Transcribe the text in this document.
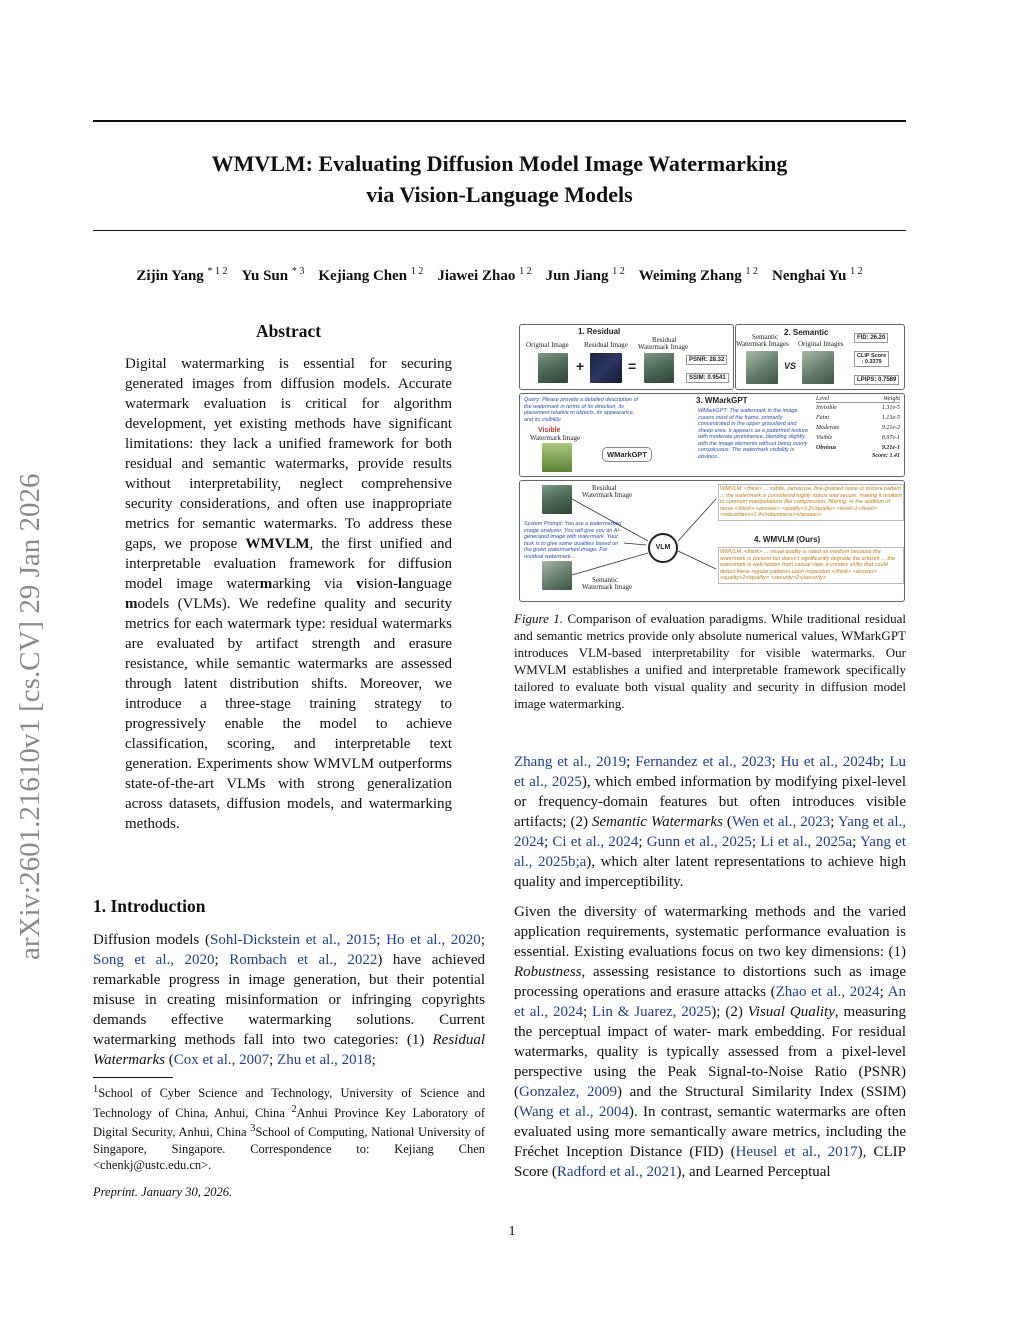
WMVLM: Evaluating Diffusion Model Image Watermarking
via Vision-Language Models
Zijin Yang $^{* 1 2}$ Yu Sun $^{* 3}$ Kejiang Chen $^{1 2}$ Jiawei Zhao $^{1 2}$ Jun Jiang $^{1 2}$ Weiming Zhang $^{1 2}$ Nenghai Yu $^{1 2}$
arXiv:2601.21610v1 [cs.CV] 29 Jan 2026
Abstract
Digital watermarking is essential for securing generated images from diffusion models. Accurate watermark evaluation is critical for algorithm development, yet existing methods have significant limitations: they lack a unified framework for both residual and semantic watermarks, provide results without interpretability, neglect comprehensive security considerations, and often use inappropriate metrics for semantic watermarks. To address these gaps, we propose WMVLM, the first unified and interpretable evaluation framework for diffusion model image watermarking via vision-language models (VLMs). We redefine quality and security metrics for each watermark type: residual watermarks are evaluated by artifact strength and erasure resistance, while semantic watermarks are assessed through latent distribution shifts. Moreover, we introduce a three-stage training strategy to progressively enable the model to achieve classification, scoring, and interpretable text generation. Experiments show WMVLM outperforms state-of-the-art VLMs with strong generalization across datasets, diffusion models, and watermarking methods.
1. Introduction
Diffusion models (Sohl-Dickstein et al., 2015; Ho et al., 2020; Song et al., 2020; Rombach et al., 2022) have achieved remarkable progress in image generation, but their potential misuse in creating misinformation or infringing copyrights demands effective watermarking solutions. Current watermarking methods fall into two categories: (1) Residual Watermarks (Cox et al., 2007; Zhu et al., 2018;
$^1$School of Cyber Science and Technology, University of Science and Technology of China, Anhui, China $^2$Anhui Province Key Laboratory of Digital Security, Anhui, China $^3$School of Computing, National University of Singapore, Singapore. Correspondence to: Kejiang Chen <chenkj@ustc.edu.cn>.
Preprint. January 30, 2026.
1
1. Residual
Original Image Residual Image
Residual
Watermark Image
+	=	PSNR: 28.32
SSIM: 0.9541
Semantic
Watermark Images
2. Semantic
Original Images
VS
FID: 26.20
CLIP Score
: 0.3379
LPIPS: 0.7589
Query: Please provide a detailed description of the watermark in terms of its direction, its placement relative to objects, its appearance, and its visibility.
Visible
Watermark Image
WMarkGPT
3. WMarkGPT
WMarkGPT: The watermark in the image covers most of the frame, primarily concentrated in the upper grassland and sheep area. It appears as a patterned texture with moderate prominence, blending slightly with the image elements without being overly conspicuous. The watermark visibility is obvious.
Level	Weight
Invisible	1.31e-5
Faint	1.13e-5
Moderate	9.21e-2
Visible	8.97e-1
Obvious	9.21e-1
Score: 1.41
Residual
Watermark Image
System Prompt: You are a watermarked image analyzer. You will give you an AI-generated image with watermark. Your task is to give some qualities based on the given watermarked image. For residual watermark...
VLM
Semantic
Watermark Image
WMVLM: <think> ... subtle, pervasive, fine-grained noise or texture pattern ... the watermark is considered highly robust and secure, making it resilient to common manipulations like compression, filtering, or the addition of noise </think> <answer> <quality>3.2</quality> <level>1</level> <robustness>1.4</robustness></answer>
4. WMVLM (Ours)
WMVLM: <think> ... visual quality is rated as medium because the watermark is present but doesn't significantly degrade the artwork ... the watermark is well-hidden from casual view, it creates shifts that could detect these regular patterns upon inspection </think> <answer> <quality>2</quality> <security>2</security>
Figure 1. Comparison of evaluation paradigms. While traditional residual and semantic metrics provide only absolute numerical values, WMarkGPT introduces VLM-based interpretability for visible watermarks. Our WMVLM establishes a unified and interpretable framework specifically tailored to evaluate both visual quality and security in diffusion model image watermarking.

Zhang et al., 2019; Fernandez et al., 2023; Hu et al., 2024b; Lu et al., 2025), which embed information by modifying pixel-level or frequency-domain features but often introduces visible artifacts; (2) Semantic Watermarks (Wen et al., 2023; Yang et al., 2024; Ci et al., 2024; Gunn et al., 2025; Li et al., 2025a; Yang et al., 2025b;a), which alter latent representations to achieve high quality and imperceptibility.

Given the diversity of watermarking methods and the varied application requirements, systematic performance evaluation is essential. Existing evaluations focus on two key dimensions: (1) Robustness, assessing resistance to distortions such as image processing operations and erasure attacks (Zhao et al., 2024; An et al., 2024; Lin & Juarez, 2025); (2) Visual Quality, measuring the perceptual impact of water- mark embedding. For residual watermarks, quality is typically assessed from a pixel-level perspective using the Peak Signal-to-Noise Ratio (PSNR) (Gonzalez, 2009) and the Structural Similarity Index (SSIM) (Wang et al., 2004). In contrast, semantic watermarks are often evaluated using more semantically aware metrics, including the Fréchet Inception Distance (FID) (Heusel et al., 2017), CLIP Score (Radford et al., 2021), and Learned Perceptual
